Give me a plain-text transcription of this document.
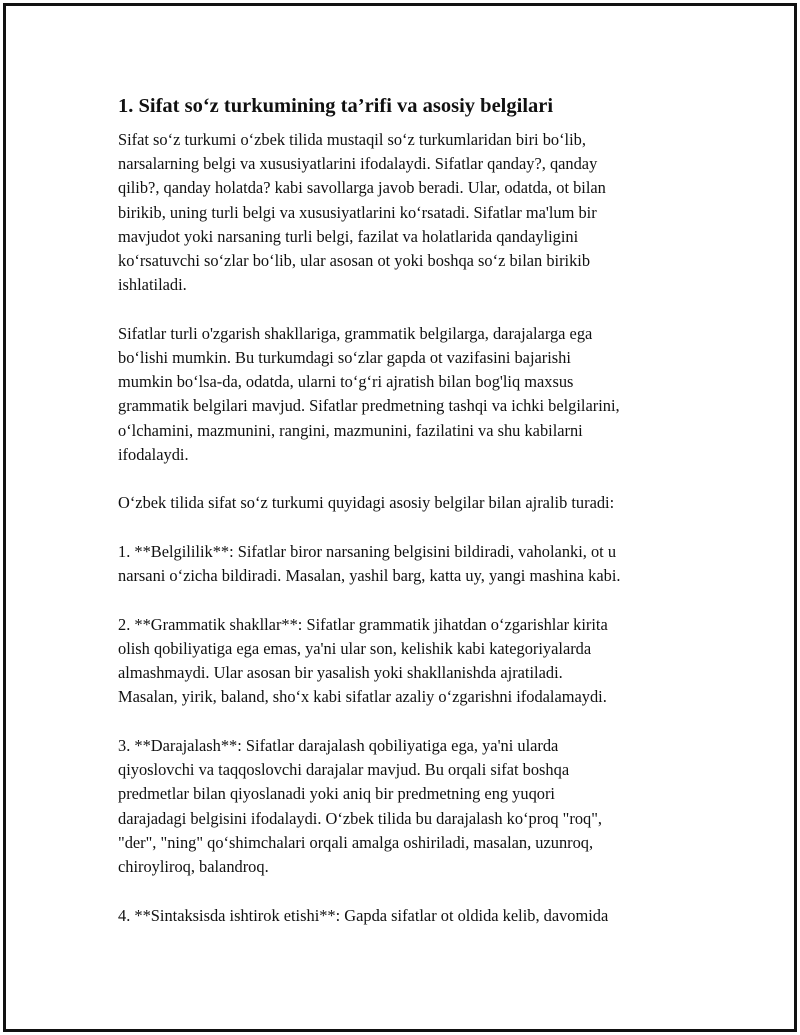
1. Sifat so‘z turkumining ta’rifi va asosiy belgilari
Sifat so‘z turkumi o‘zbek tilida mustaqil so‘z turkumlaridan biri bo‘lib,
narsalarning belgi va xususiyatlarini ifodalaydi. Sifatlar qanday?, qanday
qilib?, qanday holatda? kabi savollarga javob beradi. Ular, odatda, ot bilan
birikib, uning turli belgi va xususiyatlarini ko‘rsatadi. Sifatlar ma'lum bir
mavjudot yoki narsaning turli belgi, fazilat va holatlarida qandayligini
ko‘rsatuvchi so‘zlar bo‘lib, ular asosan ot yoki boshqa so‘z bilan birikib
ishlatiladi.
Sifatlar turli o'zgarish shakllariga, grammatik belgilarga, darajalarga ega
bo‘lishi mumkin. Bu turkumdagi so‘zlar gapda ot vazifasini bajarishi
mumkin bo‘lsa-da, odatda, ularni to‘g‘ri ajratish bilan bog'liq maxsus
grammatik belgilari mavjud. Sifatlar predmetning tashqi va ichki belgilarini,
o‘lchamini, mazmunini, rangini, mazmunini, fazilatini va shu kabilarni
ifodalaydi.
O‘zbek tilida sifat so‘z turkumi quyidagi asosiy belgilar bilan ajralib turadi:
1. **Belgililik**: Sifatlar biror narsaning belgisini bildiradi, vaholanki, ot u
narsani o‘zicha bildiradi. Masalan, yashil barg, katta uy, yangi mashina kabi.
2. **Grammatik shakllar**: Sifatlar grammatik jihatdan o‘zgarishlar kirita
olish qobiliyatiga ega emas, ya'ni ular son, kelishik kabi kategoriyalarda
almashmaydi. Ular asosan bir yasalish yoki shakllanishda ajratiladi.
Masalan, yirik, baland, sho‘x kabi sifatlar azaliy o‘zgarishni ifodalamaydi.
3. **Darajalash**: Sifatlar darajalash qobiliyatiga ega, ya'ni ularda
qiyoslovchi va taqqoslovchi darajalar mavjud. Bu orqali sifat boshqa
predmetlar bilan qiyoslanadi yoki aniq bir predmetning eng yuqori
darajadagi belgisini ifodalaydi. O‘zbek tilida bu darajalash ko‘proq "roq",
"der", "ning" qo‘shimchalari orqali amalga oshiriladi, masalan, uzunroq,
chiroyliroq, balandroq.
4. **Sintaksisda ishtirok etishi**: Gapda sifatlar ot oldida kelib, davomida
